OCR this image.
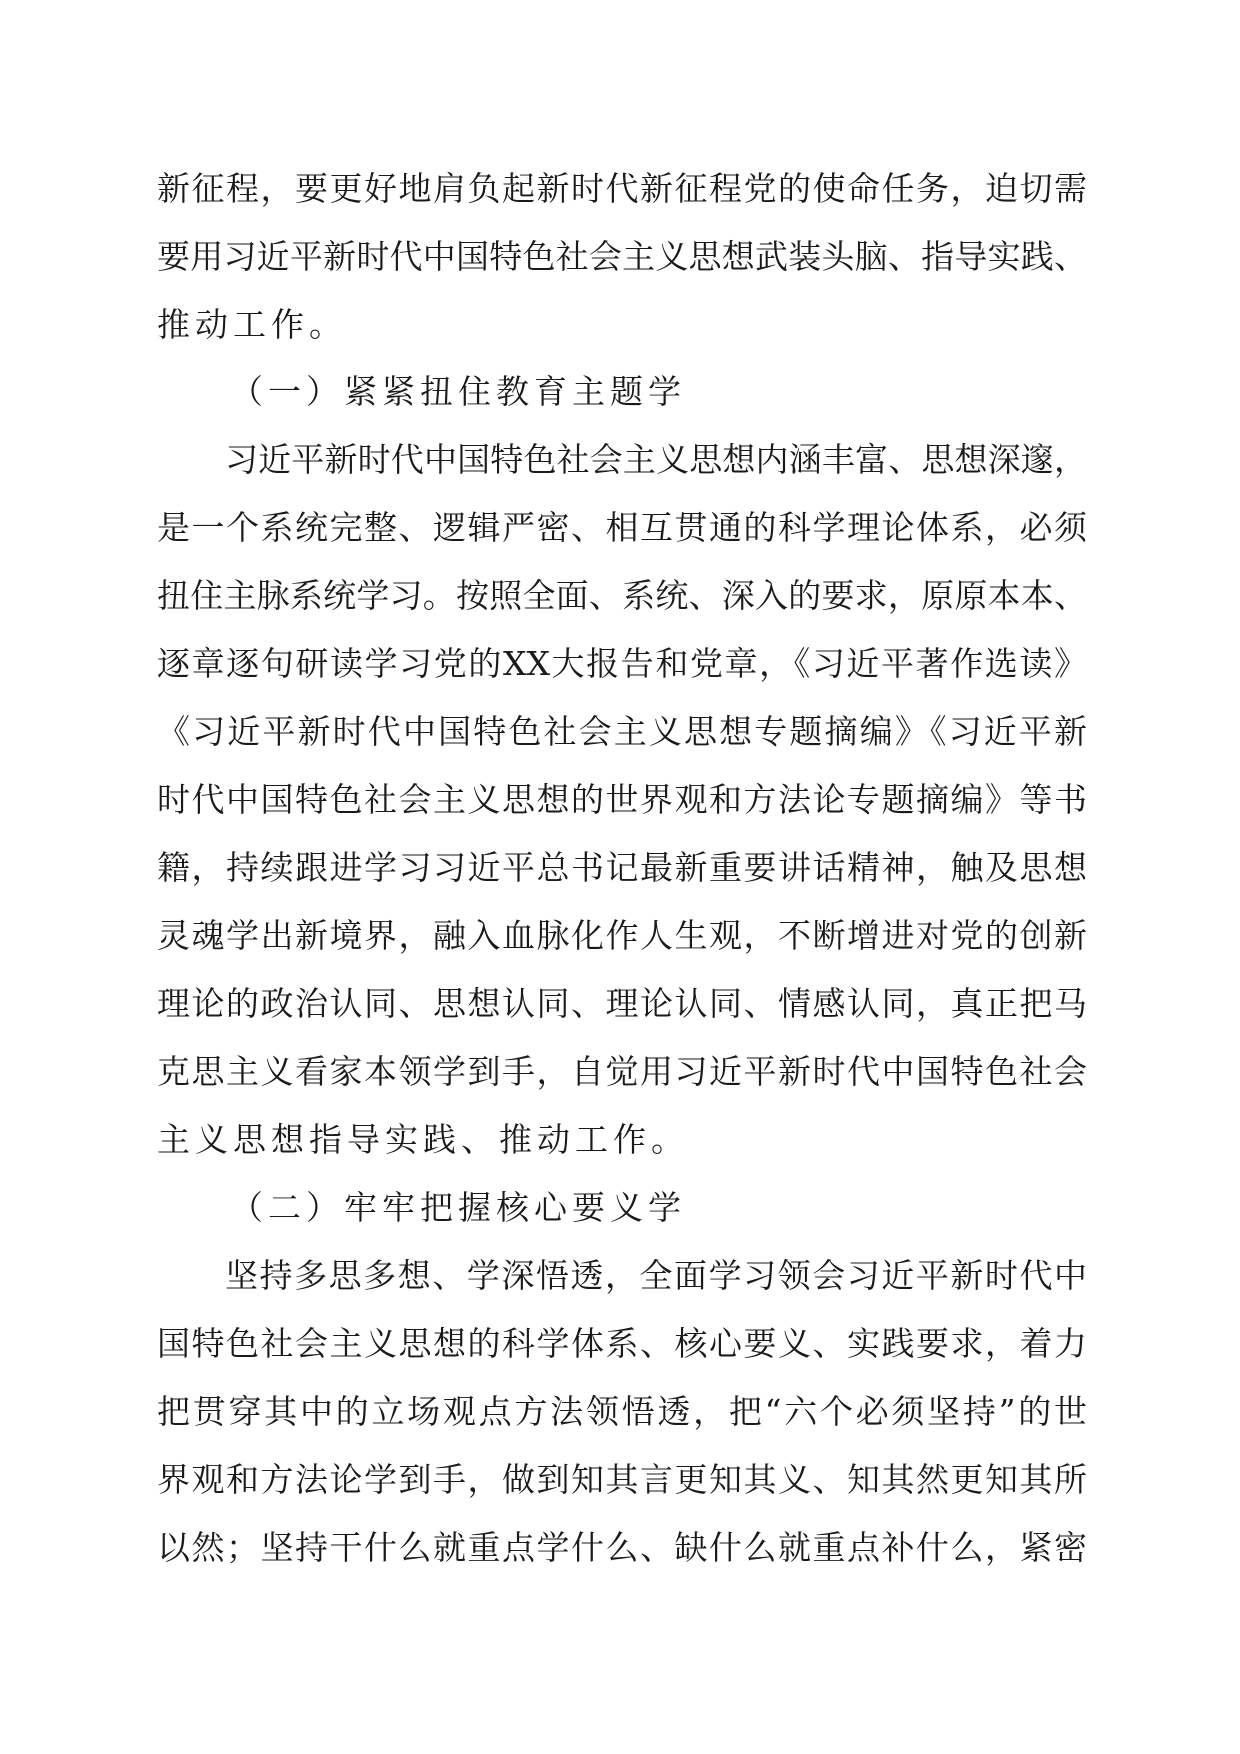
新征程，要更好地肩负起新时代新征程党的使命任务，迫切需
要用习近平新时代中国特色社会主义思想武装头脑、指导实践、
推动工作。
（一）紧紧扭住教育主题学
习近平新时代中国特色社会主义思想内涵丰富、思想深邃，
是一个系统完整、逻辑严密、相互贯通的科学理论体系，必须
扭住主脉系统学习。按照全面、系统、深入的要求，原原本本、
逐章逐句研读学习党的XX大报告和党章，《习近平著作选读》
《习近平新时代中国特色社会主义思想专题摘编》《习近平新
时代中国特色社会主义思想的世界观和方法论专题摘编》等书
籍，持续跟进学习习近平总书记最新重要讲话精神，触及思想
灵魂学出新境界，融入血脉化作人生观，不断增进对党的创新
理论的政治认同、思想认同、理论认同、情感认同，真正把马
克思主义看家本领学到手，自觉用习近平新时代中国特色社会
主义思想指导实践、推动工作。
（二）牢牢把握核心要义学
坚持多思多想、学深悟透，全面学习领会习近平新时代中
国特色社会主义思想的科学体系、核心要义、实践要求，着力
把贯穿其中的立场观点方法领悟透，把“六个必须坚持”的世
界观和方法论学到手，做到知其言更知其义、知其然更知其所
以然；坚持干什么就重点学什么、缺什么就重点补什么，紧密
